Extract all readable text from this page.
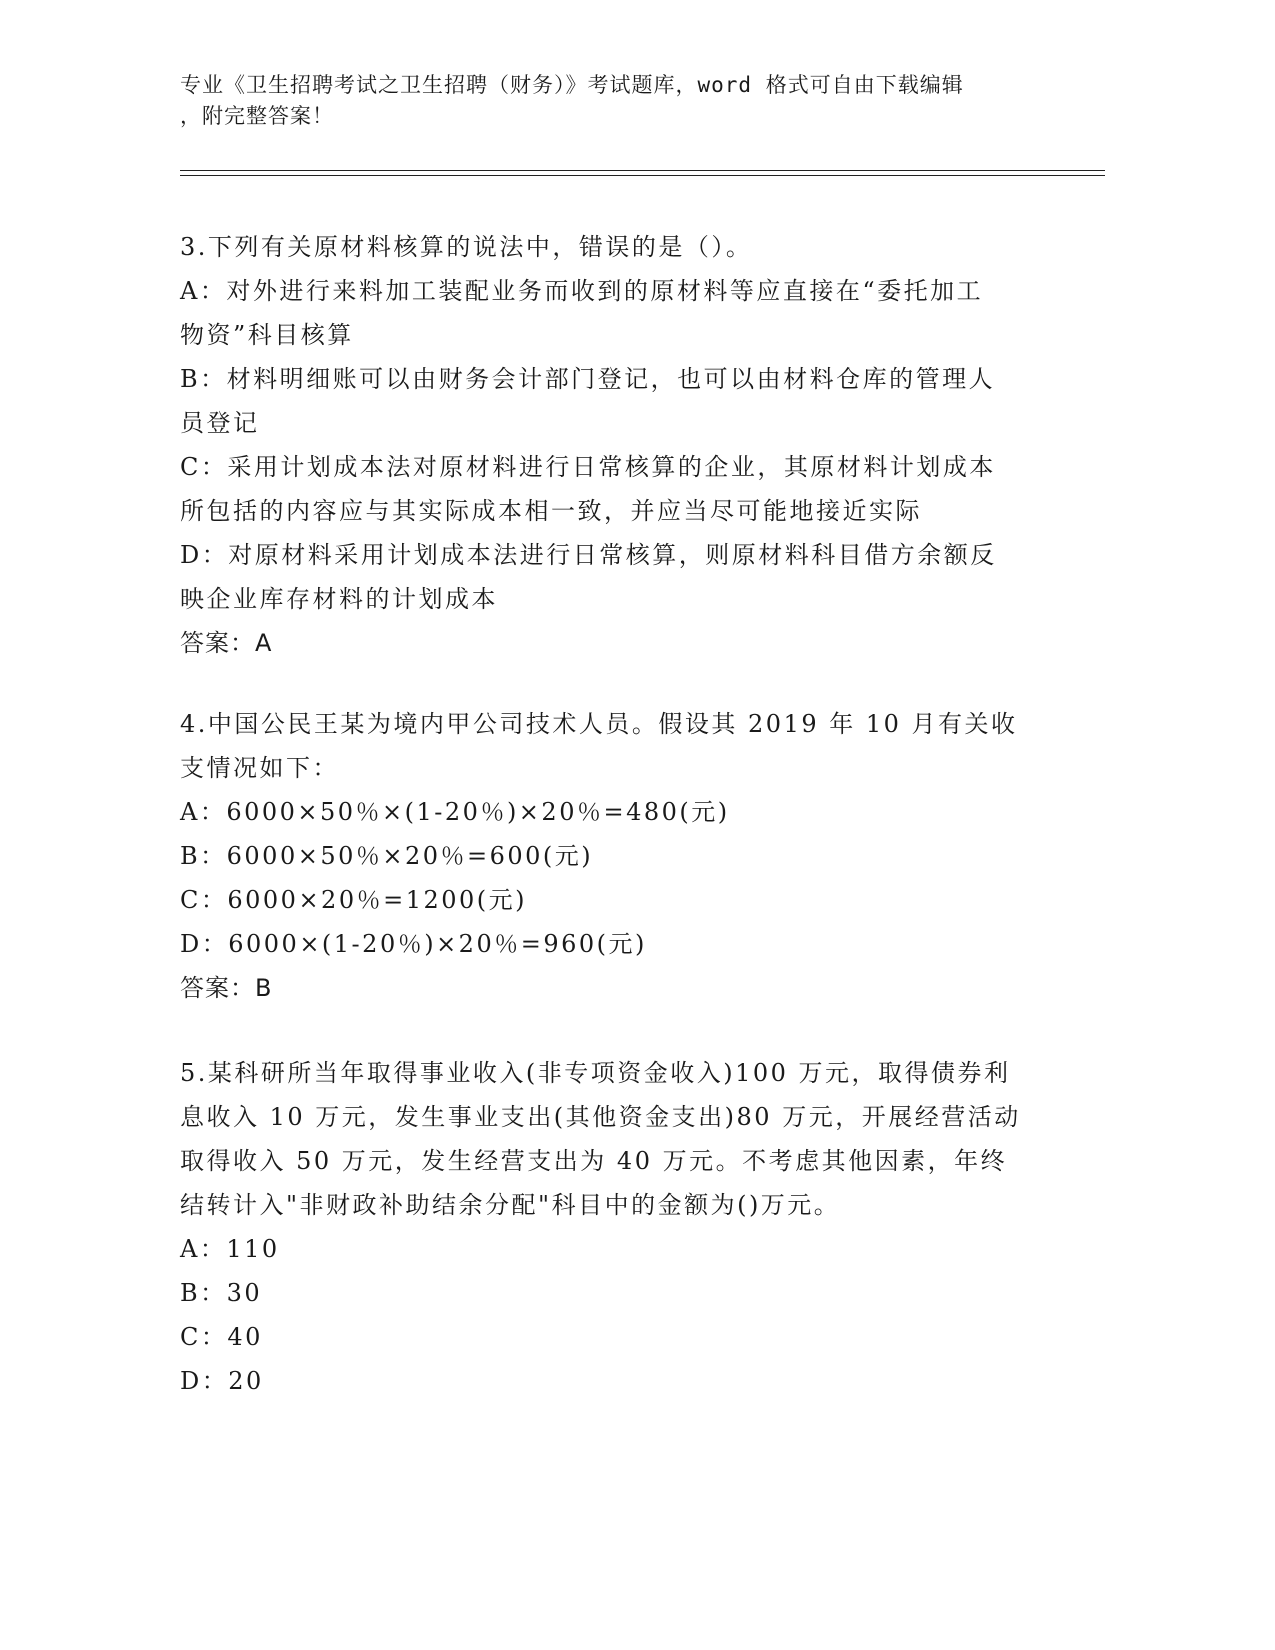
专业《卫生招聘考试之卫生招聘（财务）》考试题库，word 格式可自由下载编辑
，附完整答案！
3.下列有关原材料核算的说法中，错误的是（）。
A：对外进行来料加工装配业务而收到的原材料等应直接在“委托加工
物资”科目核算
B：材料明细账可以由财务会计部门登记，也可以由材料仓库的管理人
员登记
C：采用计划成本法对原材料进行日常核算的企业，其原材料计划成本
所包括的内容应与其实际成本相一致，并应当尽可能地接近实际
D：对原材料采用计划成本法进行日常核算，则原材料科目借方余额反
映企业库存材料的计划成本
答案：A
4.中国公民王某为境内甲公司技术人员。假设其 2019 年 10 月有关收
支情况如下：
A：6000×50％×(1-20％)×20％=480(元)
B：6000×50％×20％=600(元)
C：6000×20％=1200(元)
D：6000×(1-20％)×20％=960(元)
答案：B
5.某科研所当年取得事业收入(非专项资金收入)100 万元，取得债券利
息收入 10 万元，发生事业支出(其他资金支出)80 万元，开展经营活动
取得收入 50 万元，发生经营支出为 40 万元。不考虑其他因素，年终
结转计入"非财政补助结余分配"科目中的金额为()万元。
A：110
B：30
C：40
D：20
